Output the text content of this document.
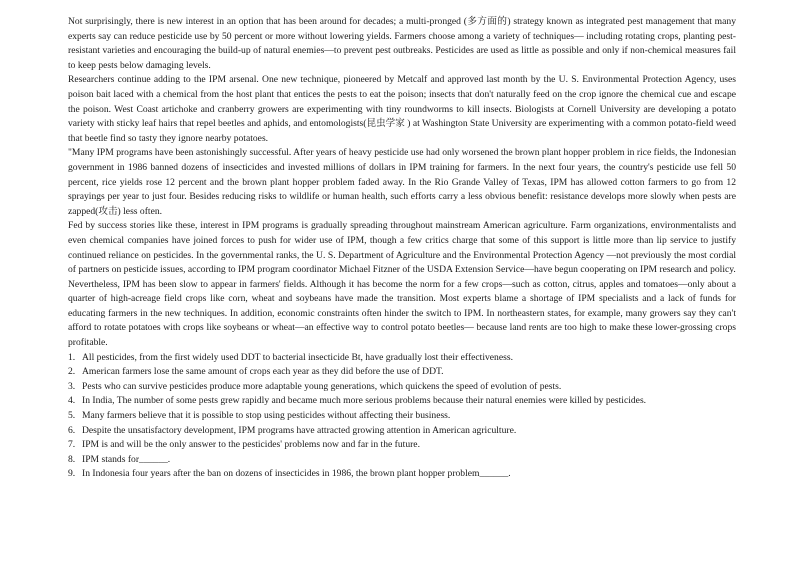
Not surprisingly, there is new interest in an option that has been around for decades; a multi-pronged (多方面的) strategy known as integrated pest management that many experts say can reduce pesticide use by 50 percent or more without lowering yields. Farmers choose among a variety of techniques— including rotating crops, planting pest-resistant varieties and encouraging the build-up of natural enemies—to prevent pest outbreaks. Pesticides are used as little as possible and only if non-chemical measures fail to keep pests below damaging levels.

Researchers continue adding to the IPM arsenal. One new technique, pioneered by Metcalf and approved last month by the U. S. Environmental Protection Agency, uses poison bait laced with a chemical from the host plant that entices the pests to eat the poison; insects that don't naturally feed on the crop ignore the chemical cue and escape the poison. West Coast artichoke and cranberry growers are experimenting with tiny roundworms to kill insects. Biologists at Cornell University are developing a potato variety with sticky leaf hairs that repel beetles and aphids, and entomologists(昆虫学家 ) at Washington State University are experimenting with a common potato-field weed that beetle find so tasty they ignore nearby potatoes.

"Many IPM programs have been astonishingly successful. After years of heavy pesticide use had only worsened the brown plant hopper problem in rice fields, the Indonesian government in 1986 banned dozens of insecticides and invested millions of dollars in IPM training for farmers. In the next four years, the country's pesticide use fell 50 percent, rice yields rose 12 percent and the brown plant hopper problem faded away. In the Rio Grande Valley of Texas, IPM has allowed cotton farmers to go from 12 sprayings per year to just four. Besides reducing risks to wildlife or human health, such efforts carry a less obvious benefit: resistance develops more slowly when pests are zapped(攻击) less often.

Fed by success stories like these, interest in IPM programs is gradually spreading throughout mainstream American agriculture. Farm organizations, environmentalists and even chemical companies have joined forces to push for wider use of IPM, though a few critics charge that some of this support is little more than lip service to justify continued reliance on pesticides. In the governmental ranks, the U. S. Department of Agriculture and the Environmental Protection Agency —not previously the most cordial of partners on pesticide issues, according to IPM program coordinator Michael Fitzner of the USDA Extension Service—have begun cooperating on IPM research and policy.

Nevertheless, IPM has been slow to appear in farmers' fields. Although it has become the norm for a few crops—such as cotton, citrus, apples and tomatoes—only about a quarter of high-acreage field crops like corn, wheat and soybeans have made the transition. Most experts blame a shortage of IPM specialists and a lack of funds for educating farmers in the new techniques. In addition, economic constraints often hinder the switch to IPM. In northeastern states, for example, many growers say they can't afford to rotate potatoes with crops like soybeans or wheat—an effective way to control potato beetles— because land rents are too high to make these lower-grossing crops profitable.

1. All pesticides, from the first widely used DDT to bacterial insecticide Bt, have gradually lost their effectiveness.
2. American farmers lose the same amount of crops each year as they did before the use of DDT.
3. Pests who can survive pesticides produce more adaptable young generations, which quickens the speed of evolution of pests.
4. In India, The number of some pests grew rapidly and became much more serious problems because their natural enemies were killed by pesticides.
5. Many farmers believe that it is possible to stop using pesticides without affecting their business.
6. Despite the unsatisfactory development, IPM programs have attracted growing attention in American agriculture.
7. IPM is and will be the only answer to the pesticides' problems now and far in the future.
8. IPM stands for______.
9. In Indonesia four years after the ban on dozens of insecticides in 1986, the brown plant hopper problem______.
